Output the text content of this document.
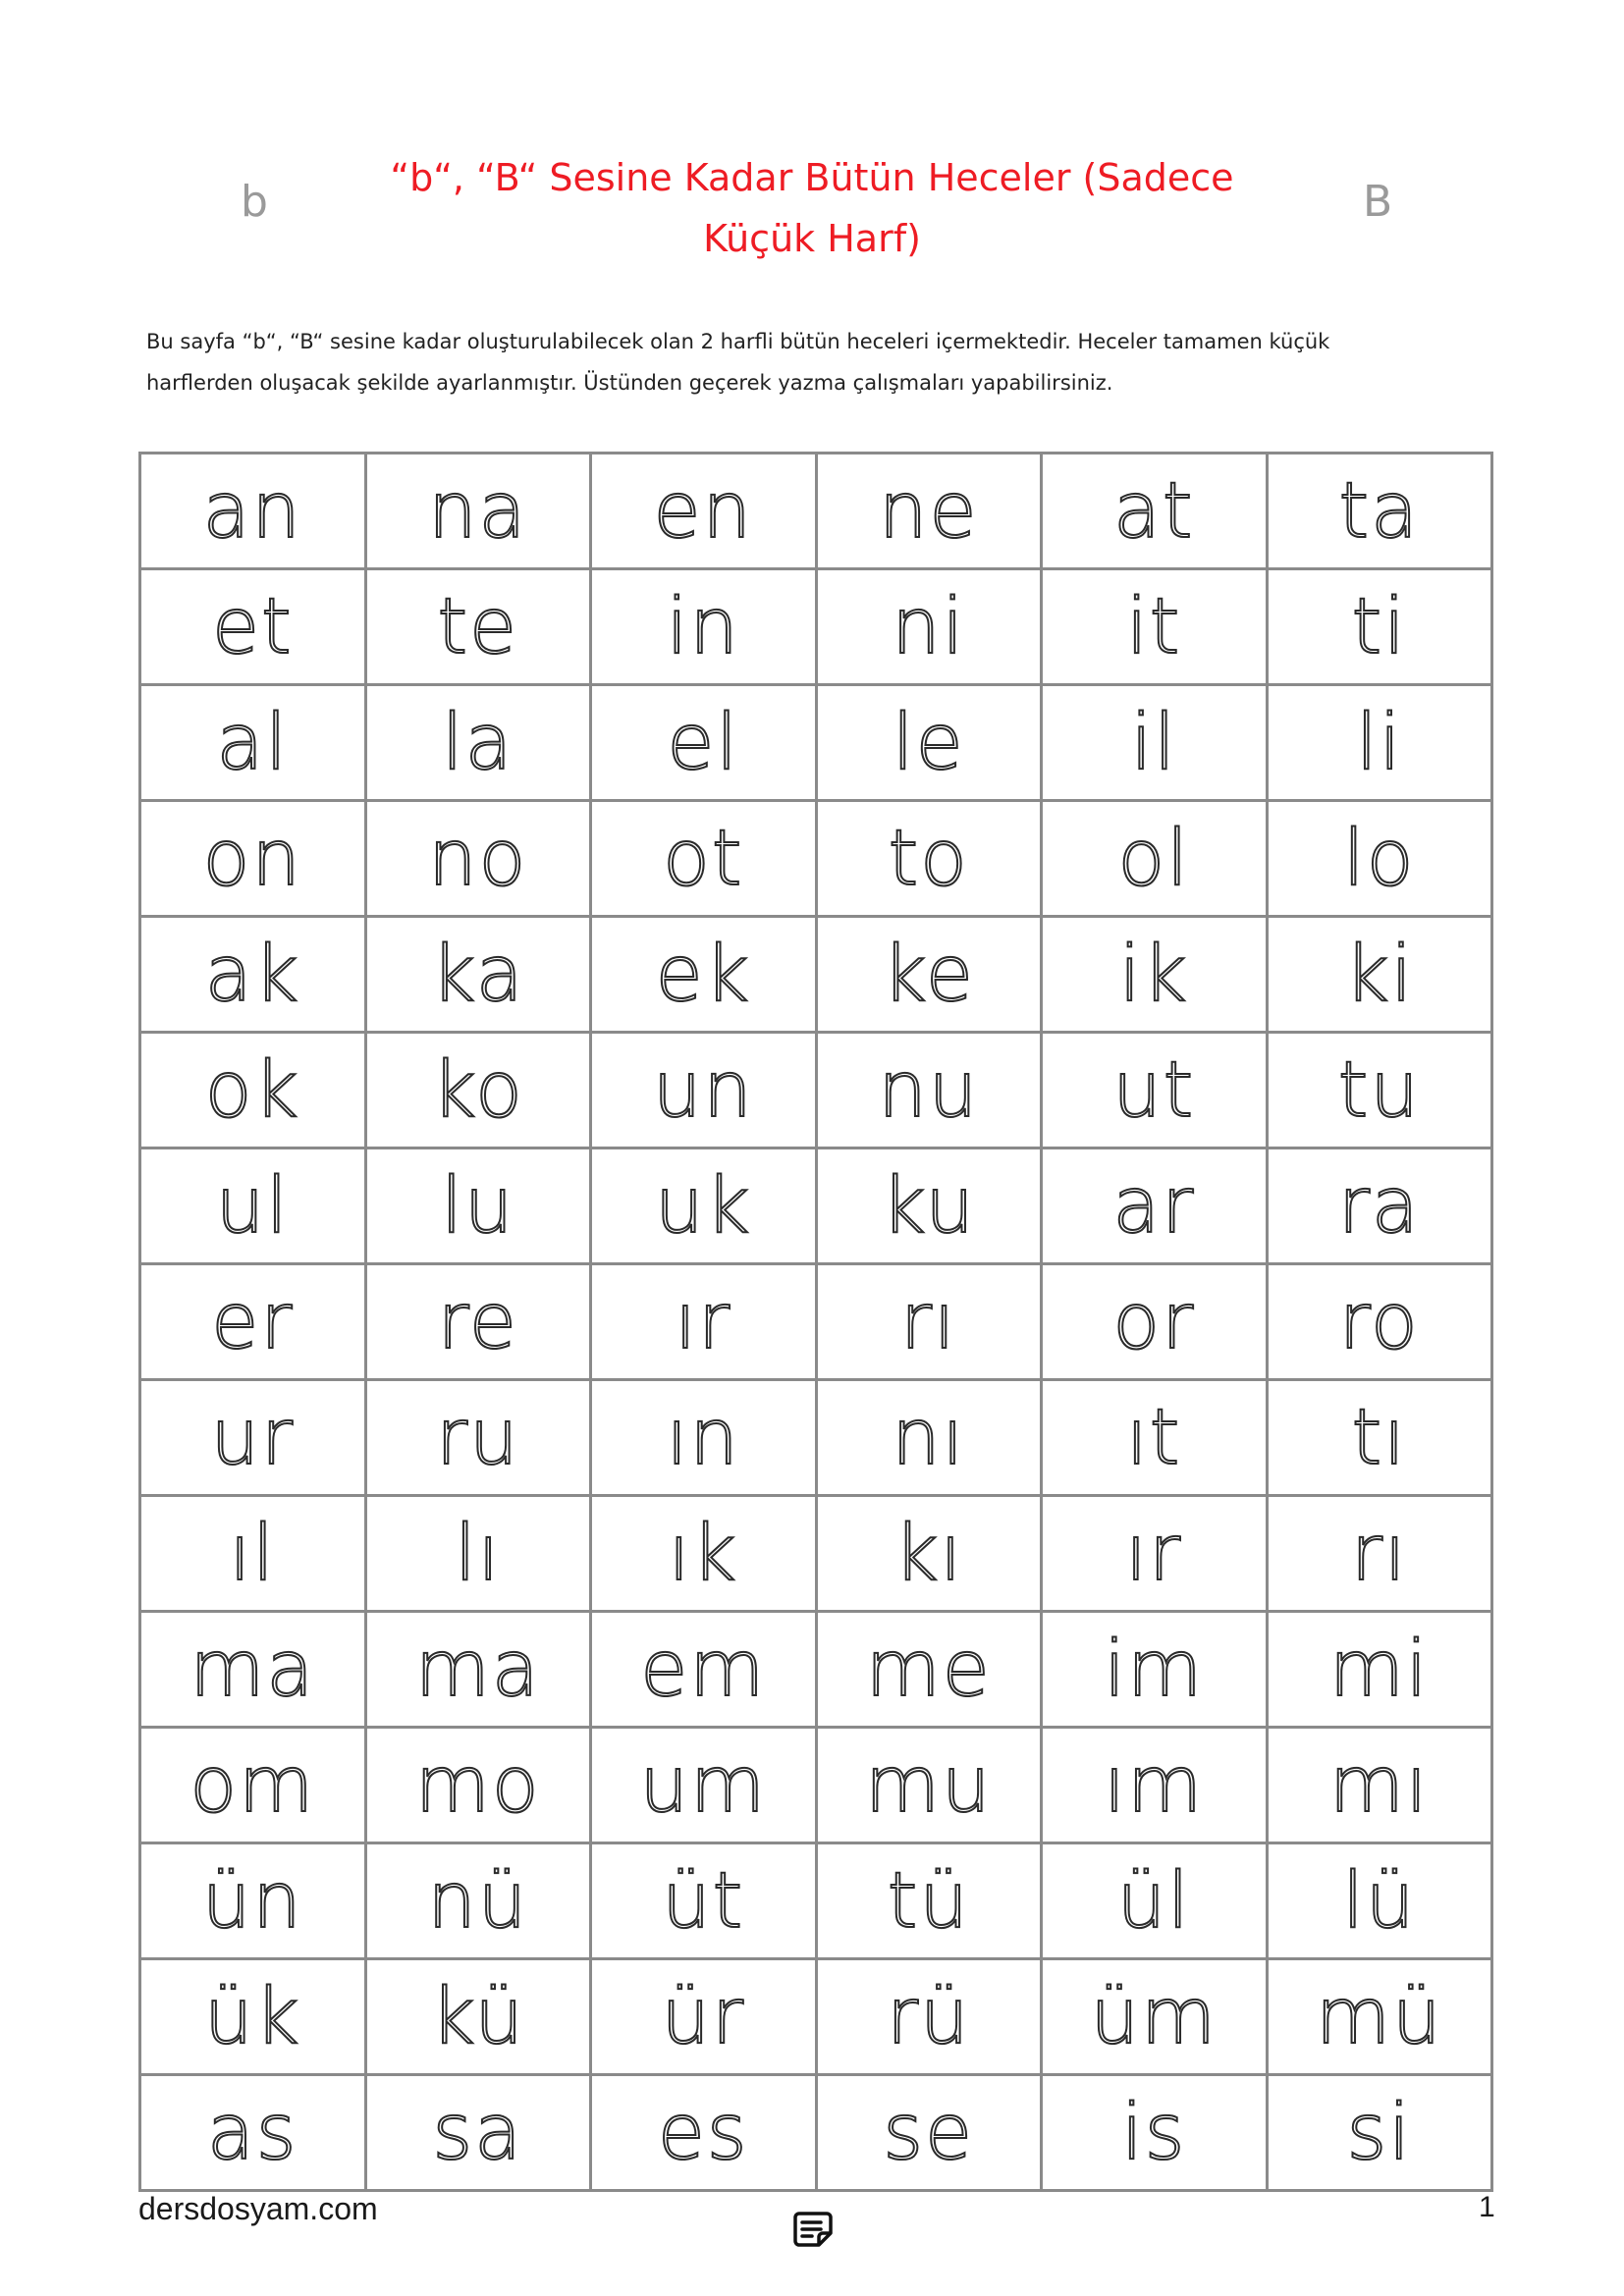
b	B
“b“, “B“ Sesine Kadar Bütün Heceler (Sadece
Küçük Harf)
Bu sayfa “b“, “B“ sesine kadar oluşturulabilecek olan 2 harfli bütün heceleri içermektedir. Heceler tamamen küçük harflerden oluşacak şekilde ayarlanmıştır. Üstünden geçerek yazma çalışmaları yapabilirsiniz.
an	na	en	ne	at	ta
et	te	in	ni	it	ti
al	la	el	le	il	li
on	no	ot	to	ol	lo
ak	ka	ek	ke	ik	ki
ok	ko	un	nu	ut	tu
ul	lu	uk	ku	ar	ra
er	re	ır	rı	or	ro
ur	ru	ın	nı	ıt	tı
ıl	lı	ık	kı	ır	rı
ma	ma	em	me	im	mi
om	mo	um	mu	ım	mı
ün	nü	üt	tü	ül	lü
ük	kü	ür	rü	üm	mü
as	sa	es	se	is	si
dersdosyam.com	1
